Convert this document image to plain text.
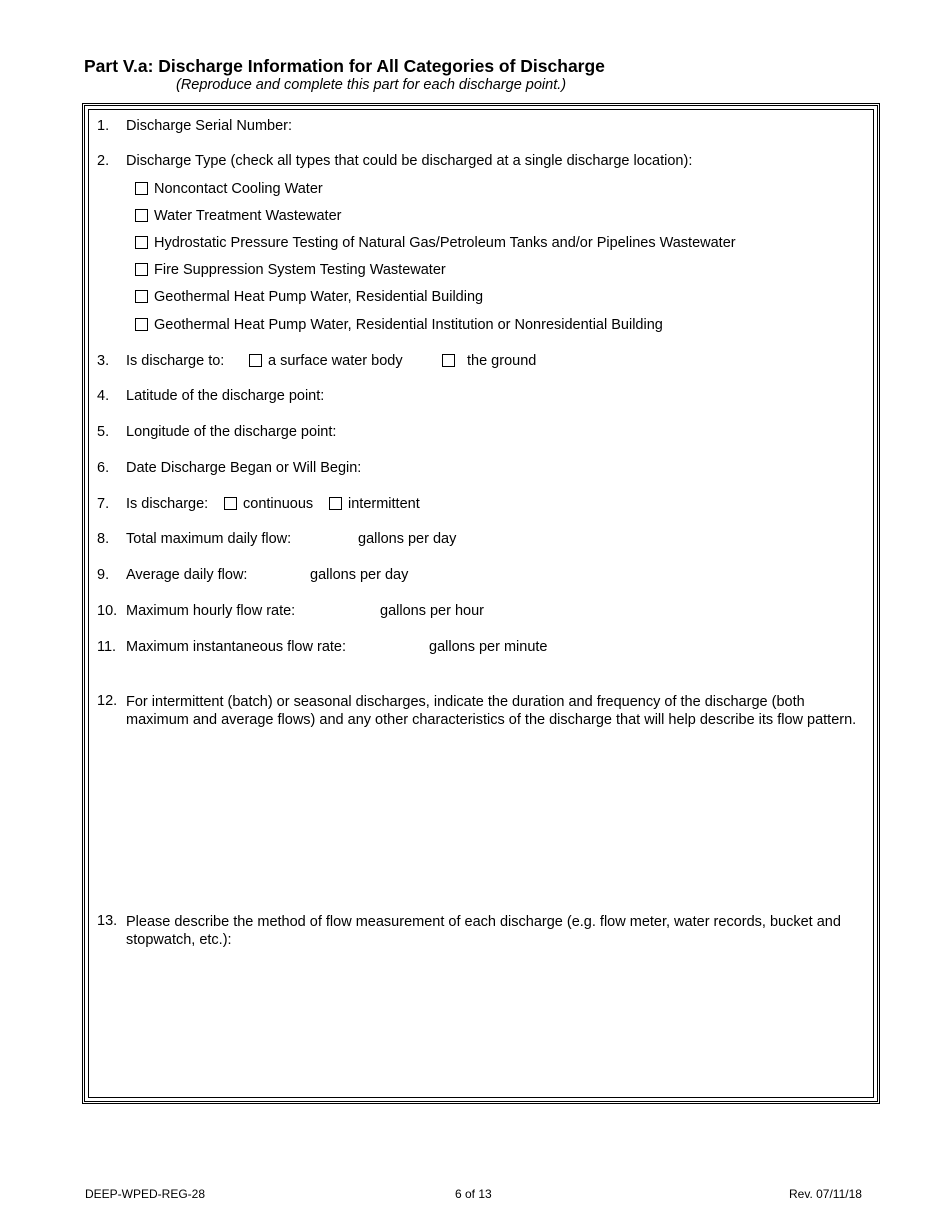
Part V.a: Discharge Information for All Categories of Discharge
(Reproduce and complete this part for each discharge point.)
1. Discharge Serial Number:
2. Discharge Type (check all types that could be discharged at a single discharge location):
Noncontact Cooling Water
Water Treatment Wastewater
Hydrostatic Pressure Testing of Natural Gas/Petroleum Tanks and/or Pipelines Wastewater
Fire Suppression System Testing Wastewater
Geothermal Heat Pump Water, Residential Building
Geothermal Heat Pump Water, Residential Institution or Nonresidential Building
3. Is discharge to:	a surface water body	the ground
4. Latitude of the discharge point:
5. Longitude of the discharge point:
6. Date Discharge Began or Will Begin:
7. Is discharge:	continuous	intermittent
8. Total maximum daily flow:	gallons per day
9. Average daily flow:	gallons per day
10. Maximum hourly flow rate:	gallons per hour
11. Maximum instantaneous flow rate:	gallons per minute
12. For intermittent (batch) or seasonal discharges, indicate the duration and frequency of the discharge (both maximum and average flows) and any other characteristics of the discharge that will help describe its flow pattern.
13. Please describe the method of flow measurement of each discharge (e.g. flow meter, water records, bucket and stopwatch, etc.):
DEEP-WPED-REG-28	6 of 13	Rev. 07/11/18
